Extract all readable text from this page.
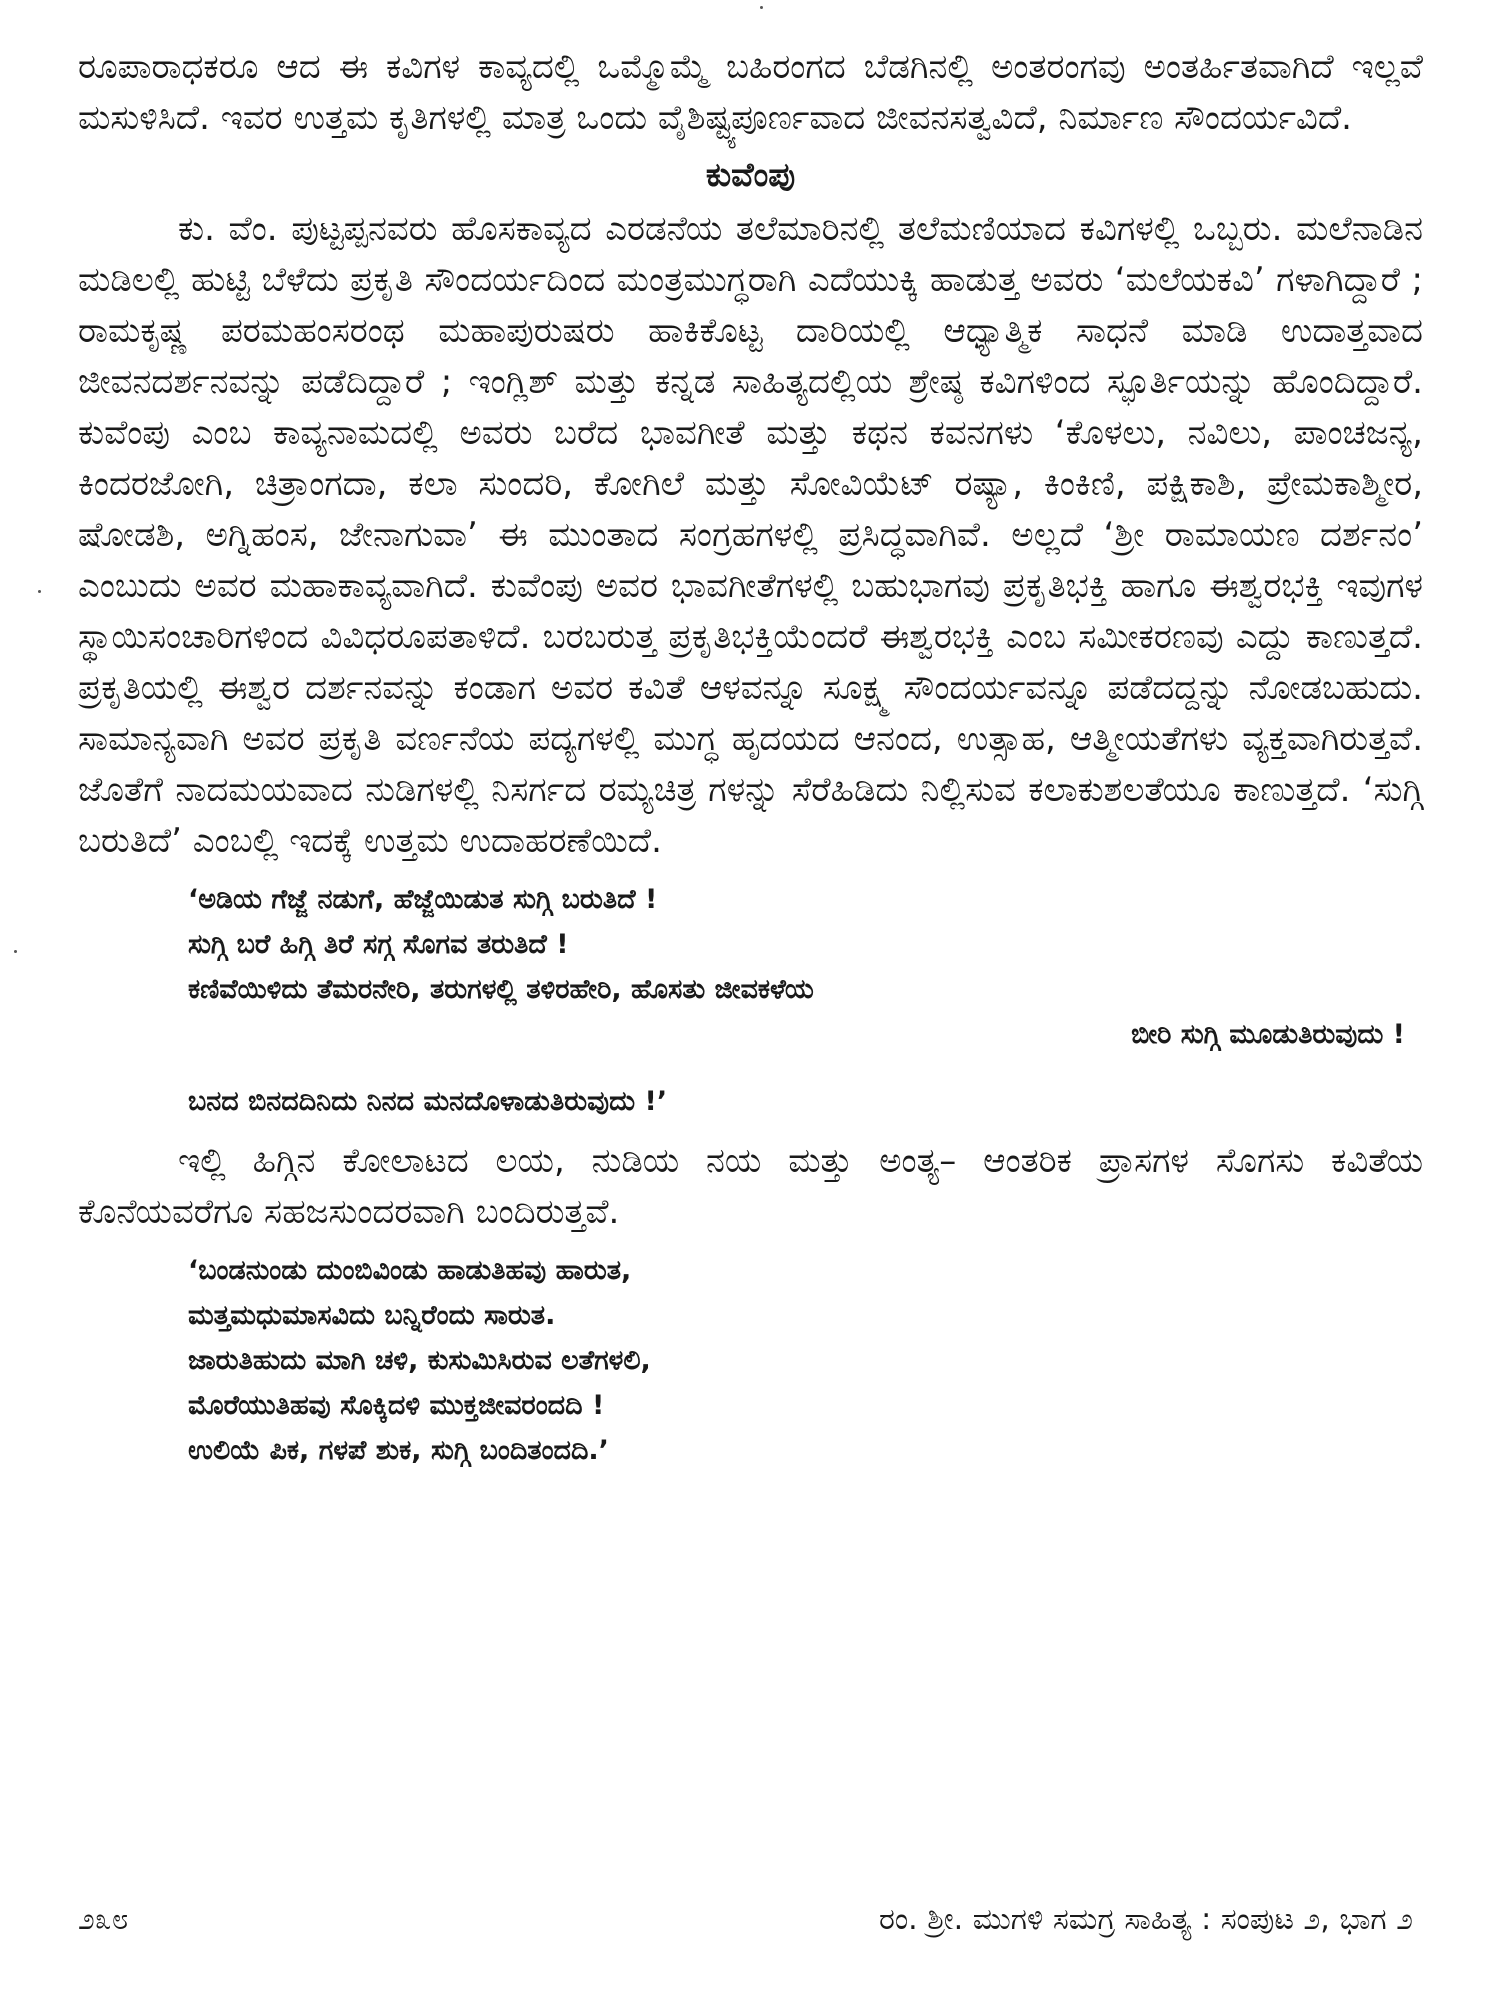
ರೂಪಾರಾಧಕರೂ ಆದ ಈ ಕವಿಗಳ ಕಾವ್ಯದಲ್ಲಿ ಒಮ್ಮೊಮ್ಮೆ ಬಹಿರಂಗದ ಬೆಡಗಿನಲ್ಲಿ ಅಂತರಂಗವು ಅಂತರ್ಹಿತವಾಗಿದೆ ಇಲ್ಲವೆ ಮಸುಳಿಸಿದೆ. ಇವರ ಉತ್ತಮ ಕೃತಿಗಳಲ್ಲಿ ಮಾತ್ರ ಒಂದು ವೈಶಿಷ್ಟ್ಯಪೂರ್ಣವಾದ ಜೀವನಸತ್ವವಿದೆ, ನಿರ್ಮಾಣ ಸೌಂದರ್ಯವಿದೆ.

ಕುವೆಂಪು

ಕು. ವೆಂ. ಪುಟ್ಟಪ್ಪನವರು ಹೊಸಕಾವ್ಯದ ಎರಡನೆಯ ತಲೆಮಾರಿನಲ್ಲಿ ತಲೆಮಣಿಯಾದ ಕವಿಗಳಲ್ಲಿ ಒಬ್ಬರು. ಮಲೆನಾಡಿನ ಮಡಿಲಲ್ಲಿ ಹುಟ್ಟಿ ಬೆಳೆದು ಪ್ರಕೃತಿ ಸೌಂದರ್ಯದಿಂದ ಮಂತ್ರಮುಗ್ಧರಾಗಿ ಎದೆಯುಕ್ಕಿ ಹಾಡುತ್ತ ಅವರು ‘ಮಲೆಯಕವಿ’ ಗಳಾಗಿದ್ದಾರೆ ; ರಾಮಕೃಷ್ಣ ಪರಮಹಂಸರಂಥ ಮಹಾಪುರುಷರು ಹಾಕಿಕೊಟ್ಟ ದಾರಿಯಲ್ಲಿ ಆಧ್ಯಾತ್ಮಿಕ ಸಾಧನೆ ಮಾಡಿ ಉದಾತ್ತವಾದ ಜೀವನದರ್ಶನವನ್ನು ಪಡೆದಿದ್ದಾರೆ ; ಇಂಗ್ಲಿಶ್ ಮತ್ತು ಕನ್ನಡ ಸಾಹಿತ್ಯದಲ್ಲಿಯ ಶ್ರೇಷ್ಠ ಕವಿಗಳಿಂದ ಸ್ಫೂರ್ತಿಯನ್ನು ಹೊಂದಿದ್ದಾರೆ. ಕುವೆಂಪು ಎಂಬ ಕಾವ್ಯನಾಮದಲ್ಲಿ ಅವರು ಬರೆದ ಭಾವಗೀತೆ ಮತ್ತು ಕಥನ ಕವನಗಳು ‘ಕೊಳಲು, ನವಿಲು, ಪಾಂಚಜನ್ಯ, ಕಿಂದರಜೋಗಿ, ಚಿತ್ರಾಂಗದಾ, ಕಲಾ ಸುಂದರಿ, ಕೋಗಿಲೆ ಮತ್ತು ಸೋವಿಯೆಟ್ ರಷ್ಯಾ, ಕಿಂಕಿಣಿ, ಪಕ್ಷಿಕಾಶಿ, ಪ್ರೇಮಕಾಶ್ಮೀರ, ಷೋಡಶಿ, ಅಗ್ನಿಹಂಸ, ಜೇನಾಗುವಾ’ ಈ ಮುಂತಾದ ಸಂಗ್ರಹಗಳಲ್ಲಿ ಪ್ರಸಿದ್ಧವಾಗಿವೆ. ಅಲ್ಲದೆ ‘ಶ್ರೀ ರಾಮಾಯಣ ದರ್ಶನಂ’ ಎಂಬುದು ಅವರ ಮಹಾಕಾವ್ಯವಾಗಿದೆ. ಕುವೆಂಪು ಅವರ ಭಾವಗೀತೆಗಳಲ್ಲಿ ಬಹುಭಾಗವು ಪ್ರಕೃತಿಭಕ್ತಿ ಹಾಗೂ ಈಶ್ವರಭಕ್ತಿ ಇವುಗಳ ಸ್ಥಾಯಿಸಂಚಾರಿಗಳಿಂದ ವಿವಿಧರೂಪತಾಳಿದೆ. ಬರಬರುತ್ತ ಪ್ರಕೃತಿಭಕ್ತಿಯೆಂದರೆ ಈಶ್ವರಭಕ್ತಿ ಎಂಬ ಸಮೀಕರಣವು ಎದ್ದು ಕಾಣುತ್ತದೆ. ಪ್ರಕೃತಿಯಲ್ಲಿ ಈಶ್ವರ ದರ್ಶನವನ್ನು ಕಂಡಾಗ ಅವರ ಕವಿತೆ ಆಳವನ್ನೂ ಸೂಕ್ಷ್ಮ ಸೌಂದರ್ಯವನ್ನೂ ಪಡೆದದ್ದನ್ನು ನೋಡಬಹುದು. ಸಾಮಾನ್ಯವಾಗಿ ಅವರ ಪ್ರಕೃತಿ ವರ್ಣನೆಯ ಪದ್ಯಗಳಲ್ಲಿ ಮುಗ್ಧ ಹೃದಯದ ಆನಂದ, ಉತ್ಸಾಹ, ಆತ್ಮೀಯತೆಗಳು ವ್ಯಕ್ತವಾಗಿರುತ್ತವೆ. ಜೊತೆಗೆ ನಾದಮಯವಾದ ನುಡಿಗಳಲ್ಲಿ ನಿಸರ್ಗದ ರಮ್ಯಚಿತ್ರ ಗಳನ್ನು ಸೆರೆಹಿಡಿದು ನಿಲ್ಲಿಸುವ ಕಲಾಕುಶಲತೆಯೂ ಕಾಣುತ್ತದೆ. ‘ಸುಗ್ಗಿ ಬರುತಿದೆ’ ಎಂಬಲ್ಲಿ ಇದಕ್ಕೆ ಉತ್ತಮ ಉದಾಹರಣೆಯಿದೆ.

‘ಅಡಿಯ ಗೆಜ್ಜೆ ನಡುಗೆ, ಹೆಜ್ಜೆಯಿಡುತ ಸುಗ್ಗಿ ಬರುತಿದೆ !
ಸುಗ್ಗಿ ಬರೆ ಹಿಗ್ಗಿ ತಿರೆ ಸಗ್ಗ ಸೊಗವ ತರುತಿದೆ !
ಕಣಿವೆಯಿಳಿದು ತೆಮರನೇರಿ, ತರುಗಳಲ್ಲಿ ತಳಿರಹೇರಿ, ಹೊಸತು ಜೀವಕಳೆಯ
ಬೀರಿ ಸುಗ್ಗಿ ಮೂಡುತಿರುವುದು !
ಬನದ ಬಿನದದಿನಿದು ನಿನದ ಮನದೊಳಾಡುತಿರುವುದು !’

ಇಲ್ಲಿ ಹಿಗ್ಗಿನ ಕೋಲಾಟದ ಲಯ, ನುಡಿಯ ನಯ ಮತ್ತು ಅಂತ್ಯ– ಆಂತರಿಕ ಪ್ರಾಸಗಳ ಸೊಗಸು ಕವಿತೆಯ ಕೊನೆಯವರೆಗೂ ಸಹಜಸುಂದರವಾಗಿ ಬಂದಿರುತ್ತವೆ.

‘ಬಂಡನುಂಡು ದುಂಬಿವಿಂಡು ಹಾಡುತಿಹವು ಹಾರುತ,
ಮತ್ತಮಧುಮಾಸವಿದು ಬನ್ನಿರೆಂದು ಸಾರುತ.
ಜಾರುತಿಹುದು ಮಾಗಿ ಚಳಿ, ಕುಸುಮಿಸಿರುವ ಲತೆಗಳಲಿ,
ಮೊರೆಯುತಿಹವು ಸೊಕ್ಕಿದಳಿ ಮುಕ್ತಜೀವರಂದದಿ !
ಉಲಿಯೆ ಪಿಕ, ಗಳಪೆ ಶುಕ, ಸುಗ್ಗಿ ಬಂದಿತಂದದಿ.’
೨೩೮	ರಂ. ಶ್ರೀ. ಮುಗಳಿ ಸಮಗ್ರ ಸಾಹಿತ್ಯ : ಸಂಪುಟ ೨, ಭಾಗ ೨
